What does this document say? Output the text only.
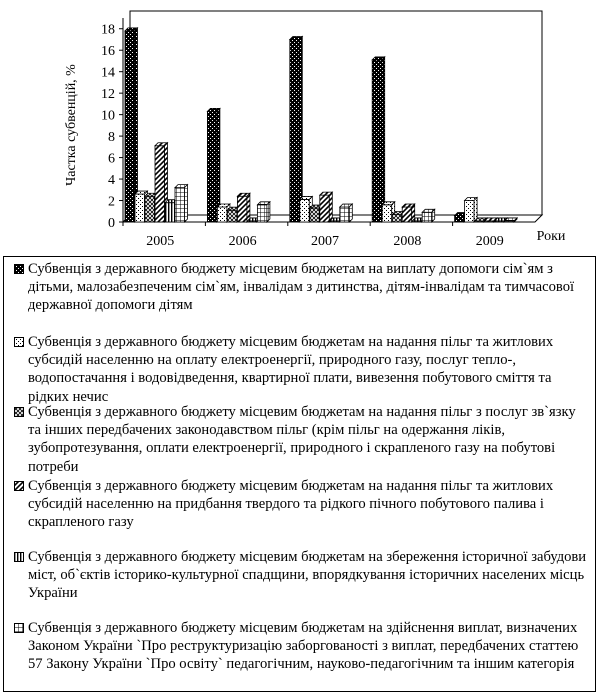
0
2
4
6
8
10
12
14
16
18
2005	2006	2007	2008	2009
Частка субвенцій, %
Роки
Субвенція з державного бюджету місцевим бюджетам на виплату допомоги сім`ям з дітьми, малозабезпеченим сім`ям, інвалідам з дитинства, дітям-інвалідам та тимчасової державної допомоги дітям
Субвенція з державного бюджету місцевим бюджетам на надання пільг та житлових субсидій населенню на оплату електроенергії, природного газу, послуг тепло-, водопостачання і водовідведення, квартирної плати, вивезення побутового сміття та рідких нечис
Субвенція з державного бюджету місцевим бюджетам на надання пільг з послуг зв`язку та інших передбачених законодавством пільг (крім пільг на одержання ліків, зубопротезування, оплати електроенергії, природного і скрапленого газу на побутові потреби
Субвенція з державного бюджету місцевим бюджетам на надання пільг та житлових субсидій населенню на придбання твердого та рідкого пічного побутового палива і скрапленого газу
Субвенція з державного бюджету місцевим бюджетам на збереження історичної забудови міст, об`єктів історико-культурної спадщини, впорядкування історичних населених місць України
Субвенція з державного бюджету місцевим бюджетам на здійснення виплат, визначених Законом України `Про реструктуризацію заборгованості з виплат, передбачених статтею 57 Закону України `Про освіту` педагогічним, науково-педагогічним та іншим категорія
